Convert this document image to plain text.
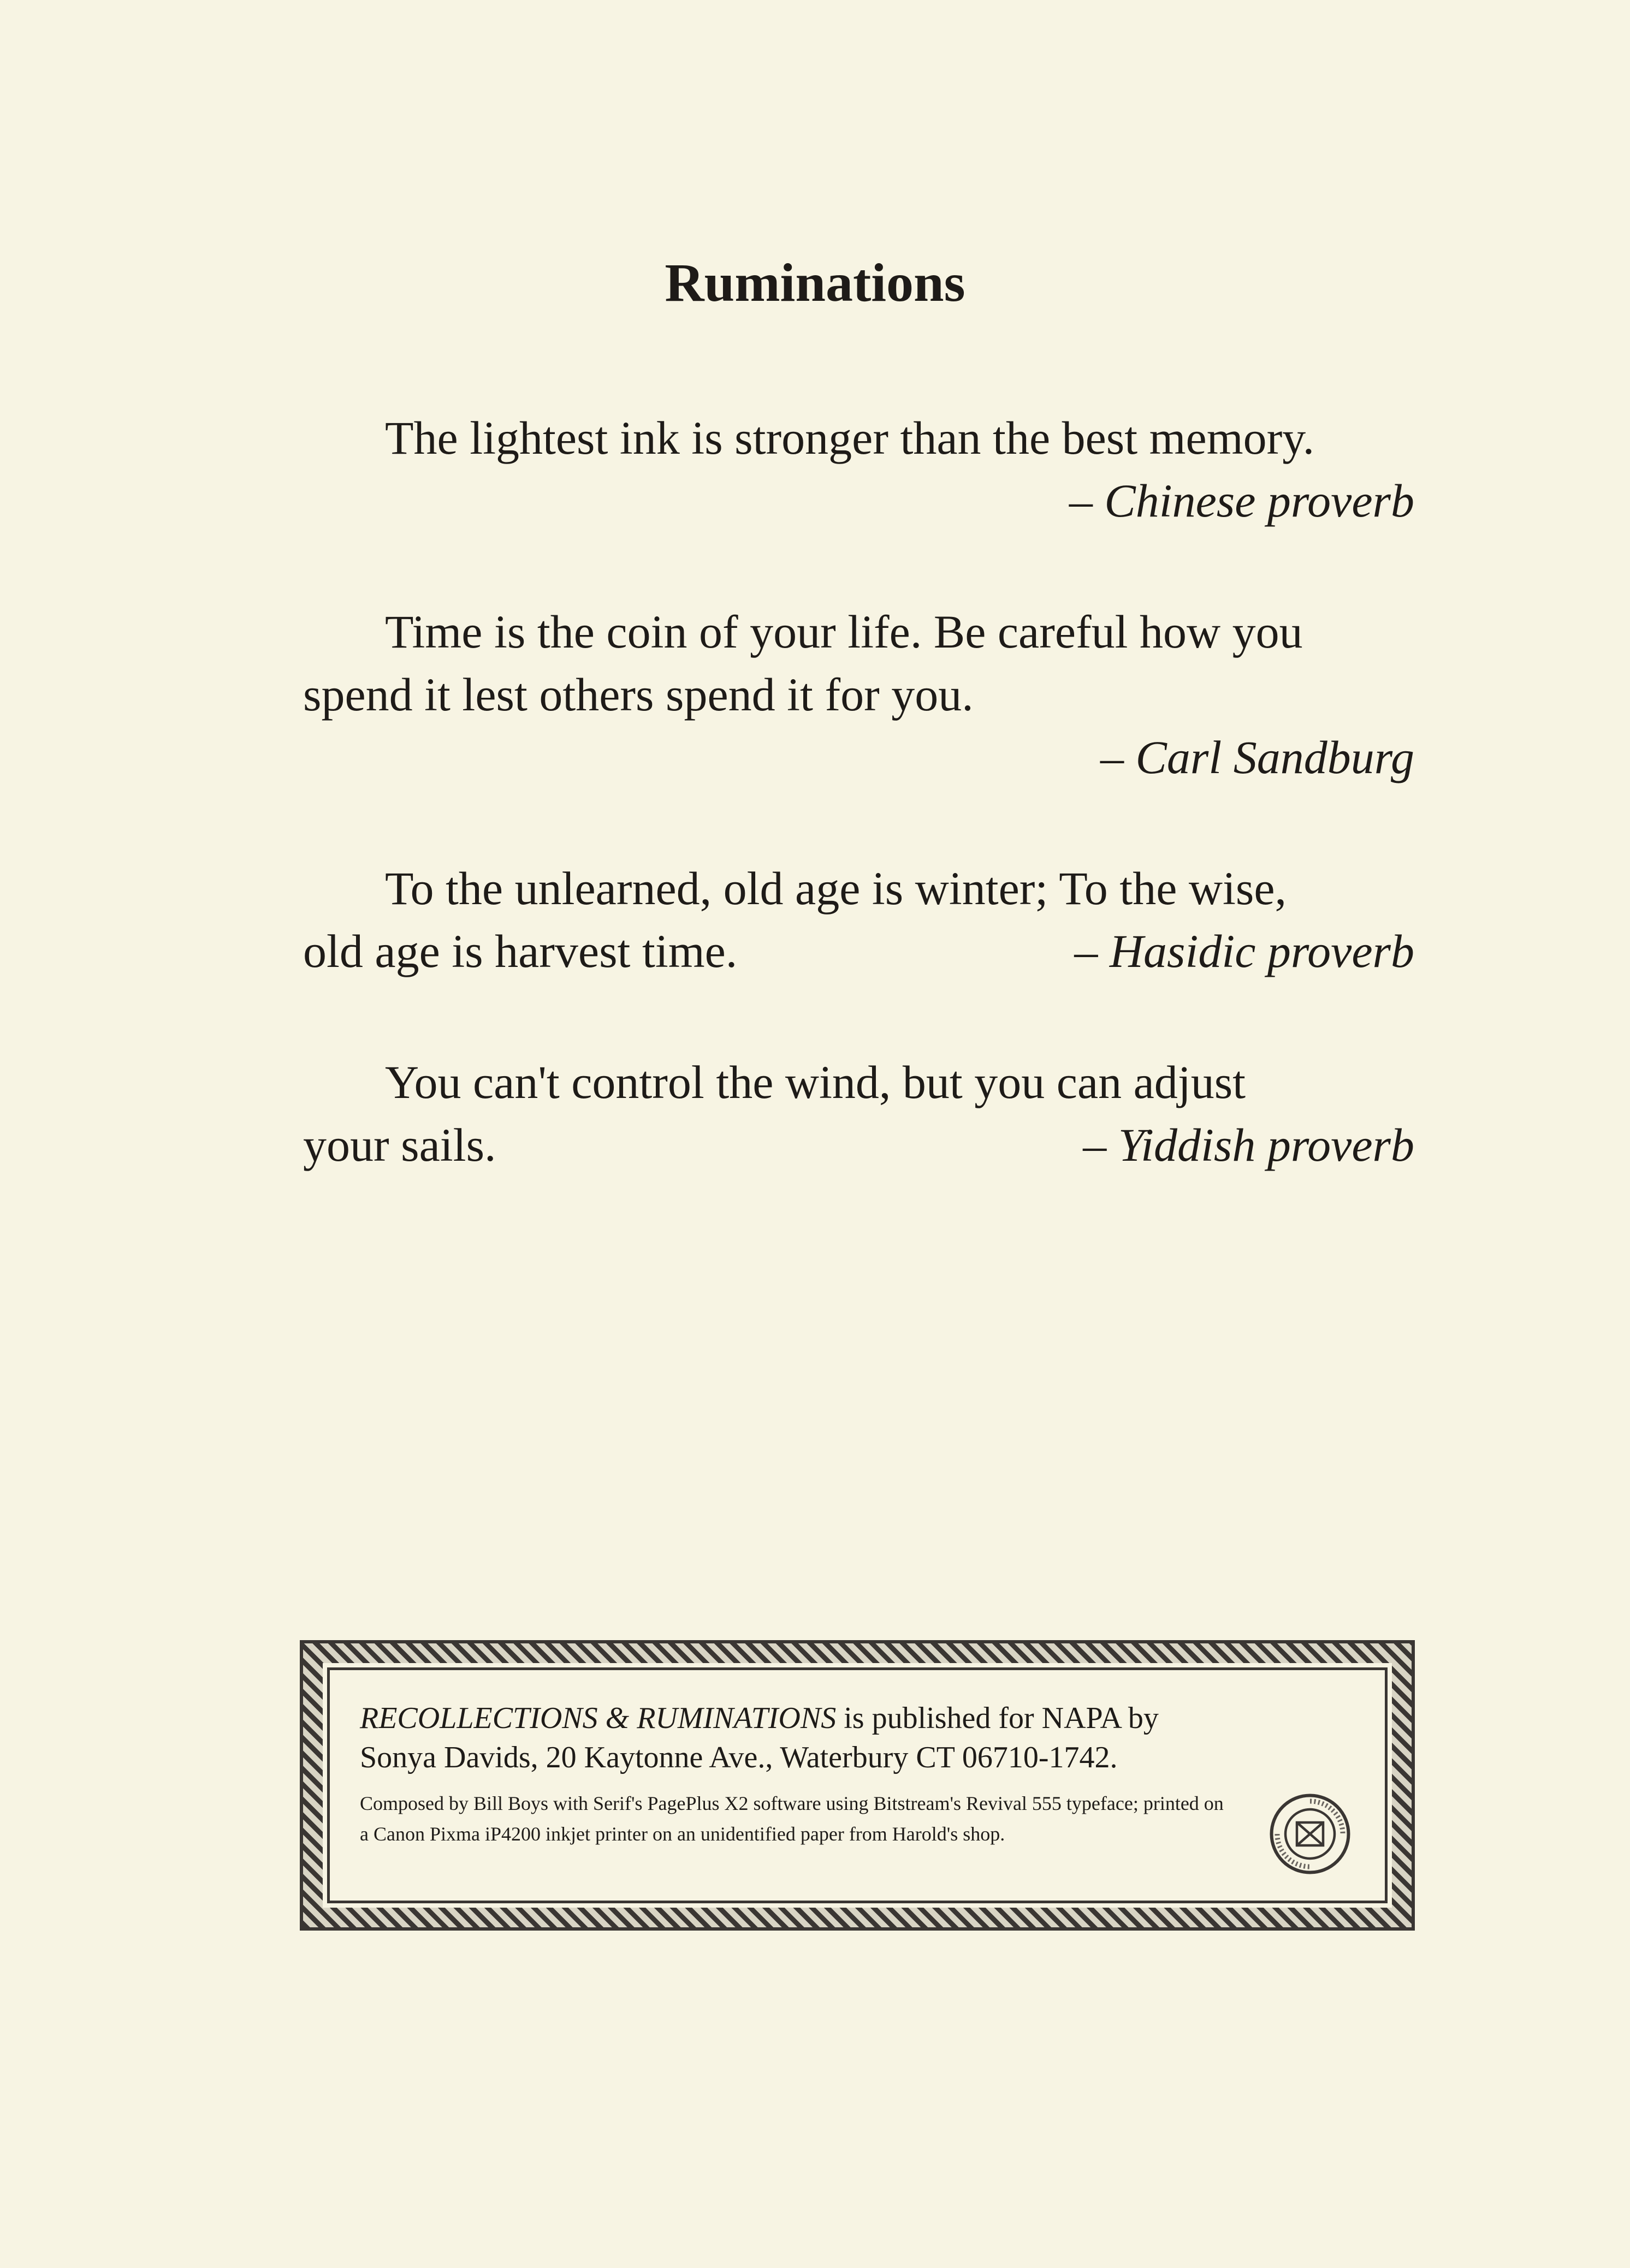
Ruminations
The lightest ink is stronger than the best memory.
– Chinese proverb
Time is the coin of your life. Be careful how you
spend it lest others spend it for you.
– Carl Sandburg
To the unlearned, old age is winter; To the wise,
old age is harvest time.	– Hasidic proverb
You can't control the wind, but you can adjust
your sails.	– Yiddish proverb
RECOLLECTIONS & RUMINATIONS is published for NAPA by
Sonya Davids, 20 Kaytonne Ave., Waterbury CT 06710-1742.
Composed by Bill Boys with Serif's PagePlus X2 software using Bitstream's Revival 555 typeface; printed on a Canon Pixma iP4200 inkjet printer on an unidentified paper from Harold's shop.
